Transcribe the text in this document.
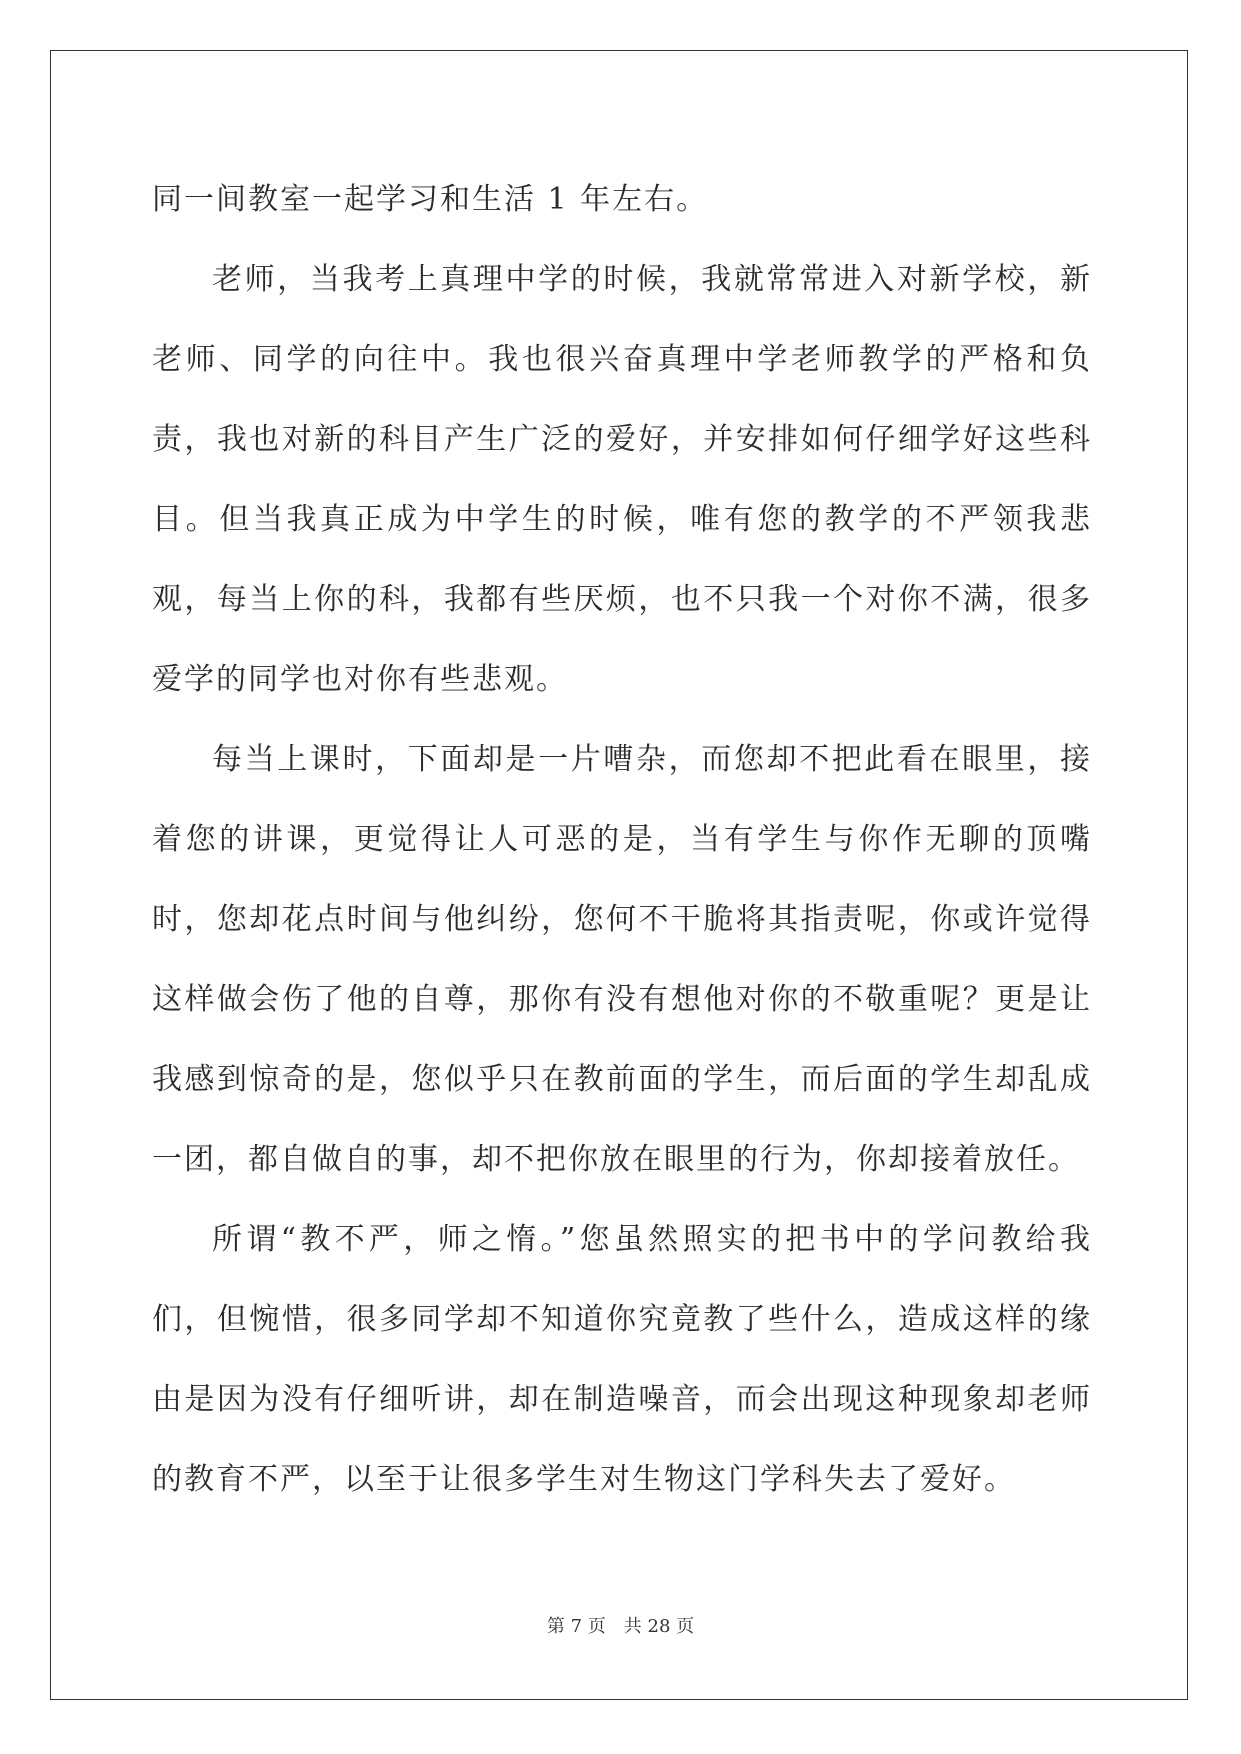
同一间教室一起学习和生活 1 年左右。

老师，当我考上真理中学的时候，我就常常进入对新学校，新老师、同学的向往中。我也很兴奋真理中学老师教学的严格和负责，我也对新的科目产生广泛的爱好，并安排如何仔细学好这些科目。但当我真正成为中学生的时候，唯有您的教学的不严领我悲观，每当上你的科，我都有些厌烦，也不只我一个对你不满，很多爱学的同学也对你有些悲观。

每当上课时，下面却是一片嘈杂，而您却不把此看在眼里，接着您的讲课，更觉得让人可恶的是，当有学生与你作无聊的顶嘴时，您却花点时间与他纠纷，您何不干脆将其指责呢，你或许觉得这样做会伤了他的自尊，那你有没有想他对你的不敬重呢？更是让我感到惊奇的是，您似乎只在教前面的学生，而后面的学生却乱成一团，都自做自的事，却不把你放在眼里的行为，你却接着放任。

所谓“教不严，师之惰。”您虽然照实的把书中的学问教给我们，但惋惜，很多同学却不知道你究竟教了些什么，造成这样的缘由是因为没有仔细听讲，却在制造噪音，而会出现这种现象却老师的教育不严，以至于让很多学生对生物这门学科失去了爱好。

第 7 页　共 28 页
